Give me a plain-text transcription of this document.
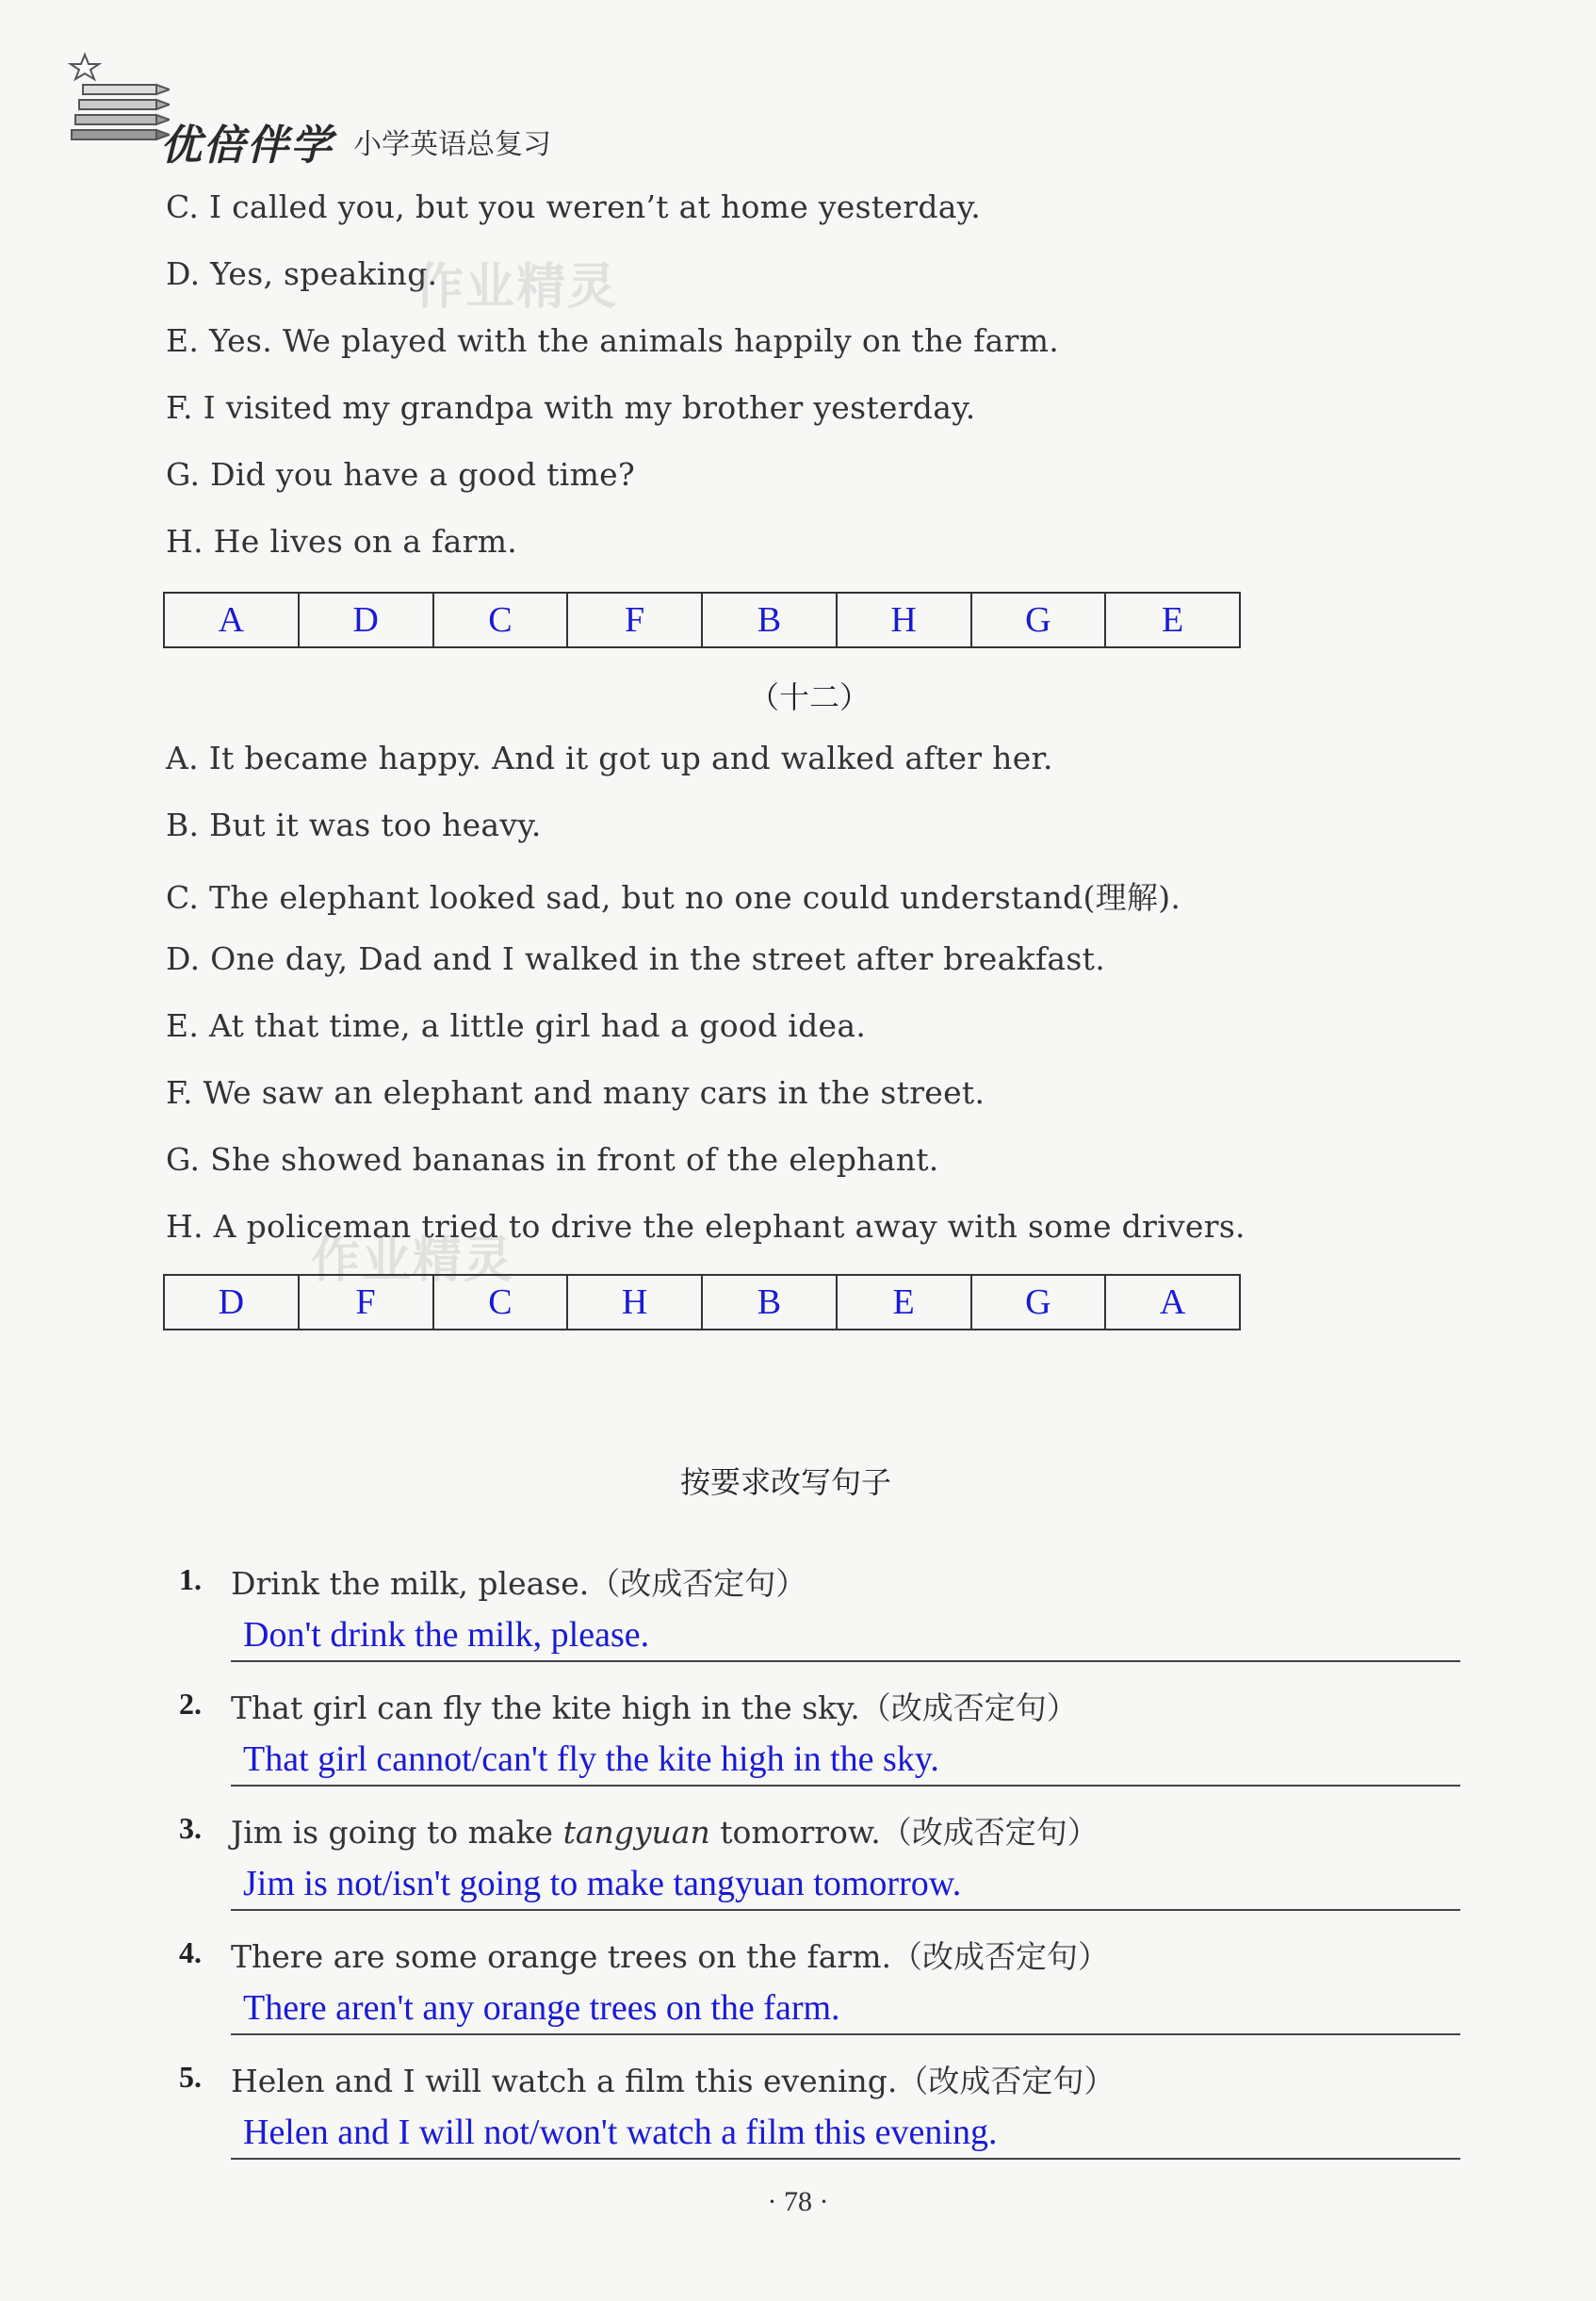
优倍伴学 小学英语总复习
C. I called you, but you weren’t at home yesterday.
D. Yes, speaking.
E. Yes. We played with the animals happily on the farm.
F. I visited my grandpa with my brother yesterday.
G. Did you have a good time?
H. He lives on a farm.
作业精灵
A	D	C	F	B	H	G	E
（十二）
A. It became happy. And it got up and walked after her.
B. But it was too heavy.
C. The elephant looked sad, but no one could understand(理解).
D. One day, Dad and I walked in the street after breakfast.
E. At that time, a little girl had a good idea.
F. We saw an elephant and many cars in the street.
G. She showed bananas in front of the elephant.
H. A policeman tried to drive the elephant away with some drivers.
作业精灵
D	F	C	H	B	E	G	A
按要求改写句子
1. Drink the milk, please.（改成否定句）
Don't drink the milk, please.
2. That girl can fly the kite high in the sky.（改成否定句）
That girl cannot/can't fly the kite high in the sky.
3. Jim is going to make tangyuan tomorrow.（改成否定句）
Jim is not/isn't going to make tangyuan tomorrow.
4. There are some orange trees on the farm.（改成否定句）
There aren't any orange trees on the farm.
5. Helen and I will watch a film this evening.（改成否定句）
Helen and I will not/won't watch a film this evening.
· 78 ·
